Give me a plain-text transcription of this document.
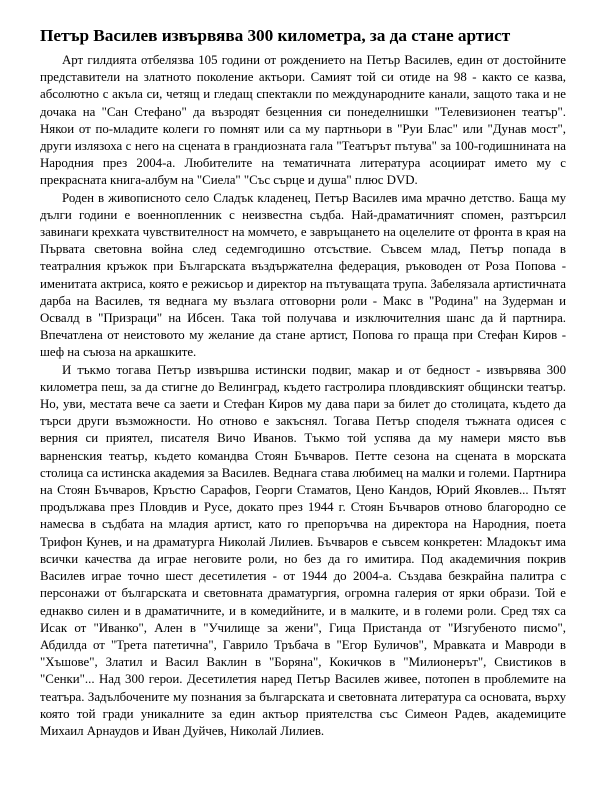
Петър Василев извървява 300 километра, за да стане артист

Арт гилдията отбелязва 105 години от рождението на Петър Василев, един от достойните представители на златното поколение актьори. Самият той си отиде на 98 - както се казва, абсолютно с акъла си, четящ и гледащ спектакли по международните канали, защото така и не дочака на "Сан Стефано" да възродят безценния си понеделнишки "Телевизионен театър". Някои от по-младите колеги го помнят или са му партньори в "Руи Блас" или "Дунав мост", други излязоха с него на сцената в грандиозната гала "Театърът пътува" за 100-годишнината на Народния през 2004-а. Любителите на тематичната литература асоциират името му с прекрасната книга-албум на "Сиела" "Със сърце и душа" плюс DVD.

Роден в живописното село Сладък кладенец, Петър Василев има мрачно детство. Баща му дълги години е военнопленник с неизвестна съдба. Най-драматичният спомен, разтърсил завинаги крехката чувствителност на момчето, е завръщането на оцелелите от фронта в края на Първата световна война след седемгодишно отсъствие. Съвсем млад, Петър попада в театралния кръжок при Българската въздържателна федерация, ръководен от Роза Попова - именитата актриса, която е режисьор и директор на пътуващата трупа. Забелязала артистичната дарба на Василев, тя веднага му възлага отговорни роли - Макс в "Родина" на Зудерман и Освалд в "Призраци" на Ибсен. Така той получава и изключителния шанс да й партнира. Впечатлена от неистовото му желание да стане артист, Попова го праща при Стефан Киров - шеф на съюза на аркашките.

И тъкмо тогава Петър извършва истински подвиг, макар и от бедност - извървява 300 километра пеш, за да стигне до Велинград, където гастролира пловдивският общински театър. Но, уви, местата вече са заети и Стефан Киров му дава пари за билет до столицата, където да търси други възможности. Но отново е закъснял. Тогава Петър споделя тъжната одисея с верния си приятел, писателя Вичо Иванов. Тъкмо той успява да му намери място във варненския театър, където командва Стоян Бъчваров. Петте сезона на сцената в морската столица са истинска академия за Василев. Веднага става любимец на малки и големи. Партнира на Стоян Бъчваров, Кръстю Сарафов, Георги Стаматов, Цено Кандов, Юрий Яковлев... Пътят продължава през Пловдив и Русе, докато през 1944 г. Стоян Бъчваров отново благородно се намесва в съдбата на младия артист, като го препоръчва на директора на Народния, поета Трифон Кунев, и на драматурга Николай Лилиев. Бъчваров е съвсем конкретен: Младокът има всички качества да играе неговите роли, но без да го имитира. Под академичния покрив Василев играе точно шест десетилетия - от 1944 до 2004-а. Създава безкрайна палитра с персонажи от българската и световната драматургия, огромна галерия от ярки образи. Той е еднакво силен и в драматичните, и в комедийните, и в малките, и в големи роли. Сред тях са Исак от "Иванко", Ален в "Училище за жени", Гица Пристанда от "Изгубеното писмо", Абдилда от "Трета патетична", Гаврило Тръбача в "Егор Буличов", Мравката и Мавроди в "Хъшове", Златил и Васил Ваклин в "Боряна", Кокичков в "Милионерът", Свистиков в "Сенки"... Над 300 герои. Десетилетия наред Петър Василев живее, потопен в проблемите на театъра. Задълбочените му познания за българската и световната литература са основата, върху която той гради уникалните за един актьор приятелства със Симеон Радев, академиците Михаил Арнаудов и Иван Дуйчев, Николай Лилиев.
